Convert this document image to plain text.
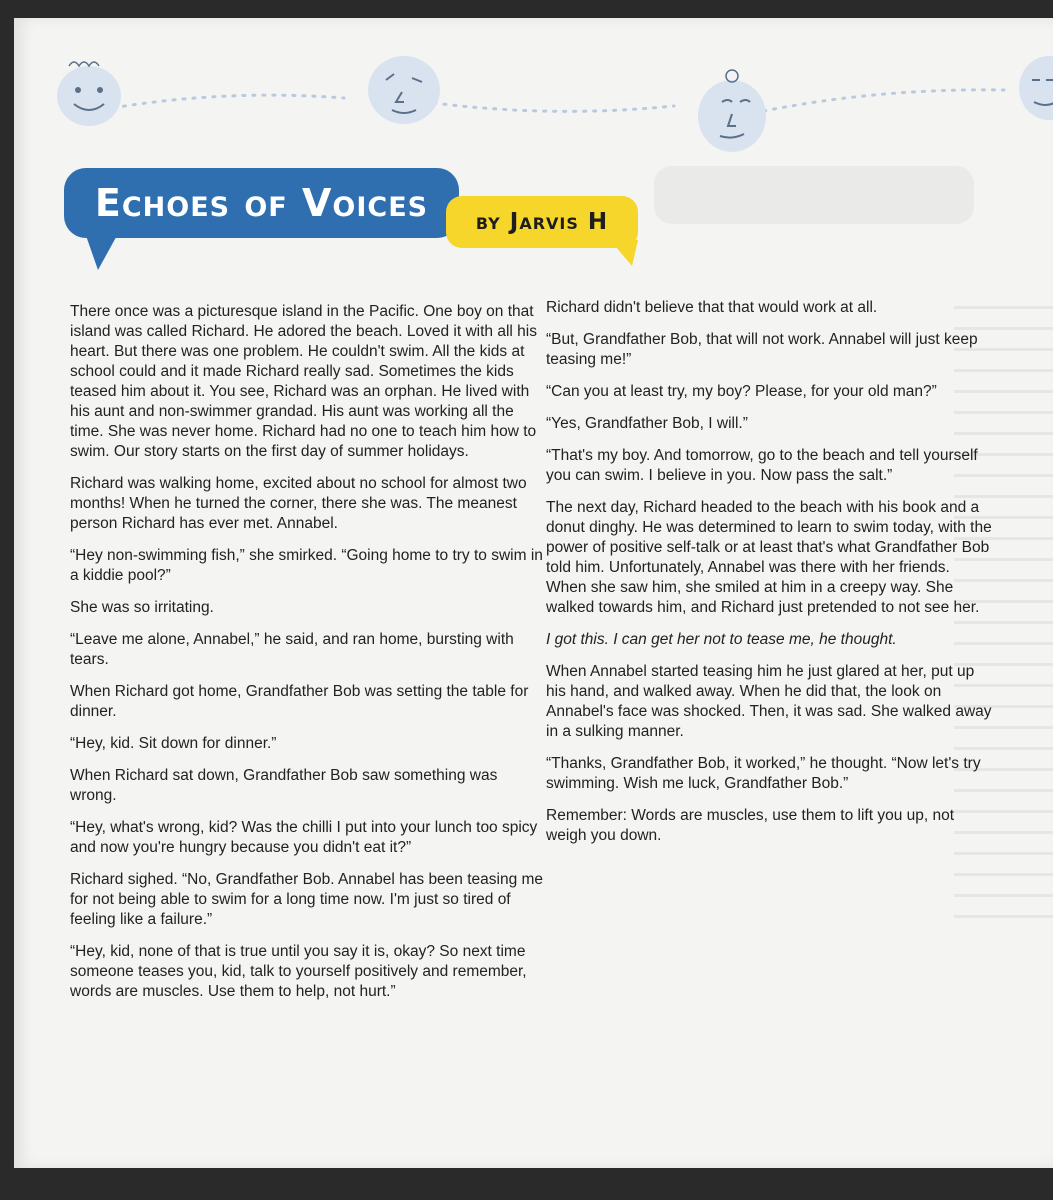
Echoes of Voices	by Jarvis H

There once was a picturesque island in the Pacific. One boy on that island was called Richard. He adored the beach. Loved it with all his heart. But there was one problem. He couldn't swim. All the kids at school could and it made Richard really sad. Sometimes the kids teased him about it. You see, Richard was an orphan. He lived with his aunt and non-swimmer grandad. His aunt was working all the time. She was never home. Richard had no one to teach him how to swim. Our story starts on the first day of summer holidays.

Richard was walking home, excited about no school for almost two months! When he turned the corner, there she was. The meanest person Richard has ever met. Annabel.

“Hey non-swimming fish,” she smirked. “Going home to try to swim in a kiddie pool?”

She was so irritating.

“Leave me alone, Annabel,” he said, and ran home, bursting with tears.

When Richard got home, Grandfather Bob was setting the table for dinner.

“Hey, kid. Sit down for dinner.”

When Richard sat down, Grandfather Bob saw something was wrong.

“Hey, what's wrong, kid? Was the chilli I put into your lunch too spicy and now you're hungry because you didn't eat it?”

Richard sighed. “No, Grandfather Bob. Annabel has been teasing me for not being able to swim for a long time now. I'm just so tired of feeling like a failure.”

“Hey, kid, none of that is true until you say it is, okay? So next time someone teases you, kid, talk to yourself positively and remember, words are muscles. Use them to help, not hurt.”

Richard didn't believe that that would work at all.

“But, Grandfather Bob, that will not work. Annabel will just keep teasing me!”

“Can you at least try, my boy? Please, for your old man?”

“Yes, Grandfather Bob, I will.”

“That's my boy. And tomorrow, go to the beach and tell yourself you can swim. I believe in you. Now pass the salt.”

The next day, Richard headed to the beach with his book and a donut dinghy. He was determined to learn to swim today, with the power of positive self-talk or at least that's what Grandfather Bob told him. Unfortunately, Annabel was there with her friends. When she saw him, she smiled at him in a creepy way. She walked towards him, and Richard just pretended to not see her.

I got this. I can get her not to tease me, he thought.

When Annabel started teasing him he just glared at her, put up his hand, and walked away. When he did that, the look on Annabel's face was shocked. Then, it was sad. She walked away in a sulking manner.

“Thanks, Grandfather Bob, it worked,” he thought. “Now let's try swimming. Wish me luck, Grandfather Bob.”

Remember: Words are muscles, use them to lift you up, not weigh you down.
